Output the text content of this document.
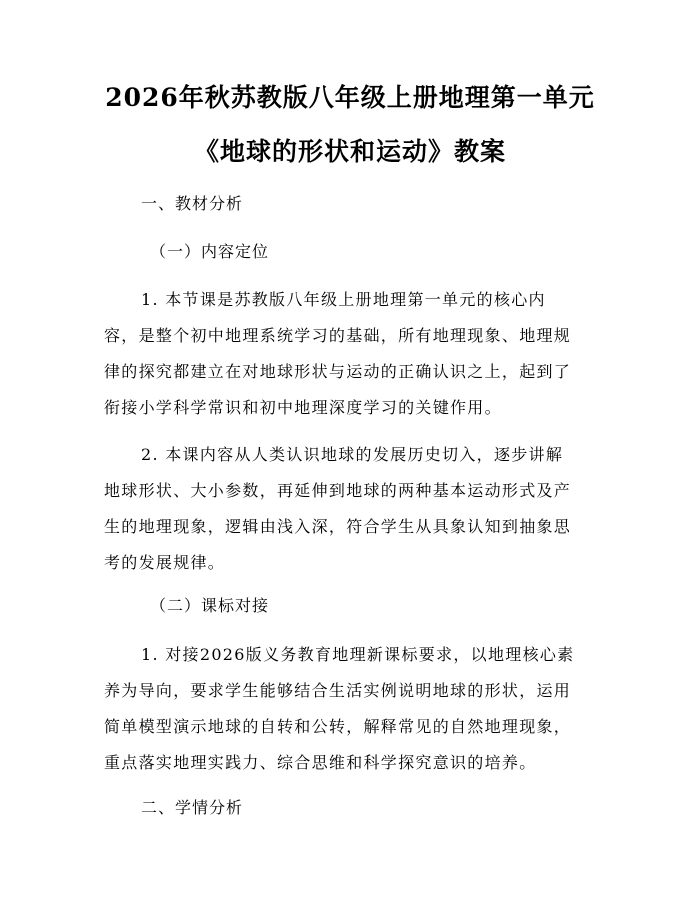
2026年秋苏教版八年级上册地理第一单元
《地球的形状和运动》教案
一、教材分析
（一）内容定位
1. 本节课是苏教版八年级上册地理第一单元的核心内
容，是整个初中地理系统学习的基础，所有地理现象、地理规
律的探究都建立在对地球形状与运动的正确认识之上，起到了
衔接小学科学常识和初中地理深度学习的关键作用。
2. 本课内容从人类认识地球的发展历史切入，逐步讲解
地球形状、大小参数，再延伸到地球的两种基本运动形式及产
生的地理现象，逻辑由浅入深，符合学生从具象认知到抽象思
考的发展规律。
（二）课标对接
1. 对接2026版义务教育地理新课标要求，以地理核心素
养为导向，要求学生能够结合生活实例说明地球的形状，运用
简单模型演示地球的自转和公转，解释常见的自然地理现象，
重点落实地理实践力、综合思维和科学探究意识的培养。
二、学情分析
